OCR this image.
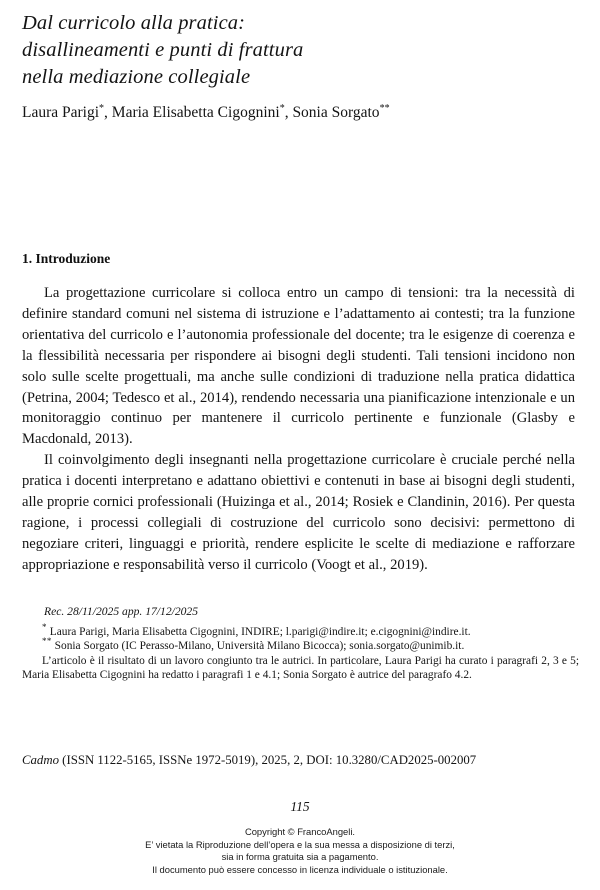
Dal curricolo alla pratica:
disallineamenti e punti di frattura
nella mediazione collegiale

Laura Parigi*, Maria Elisabetta Cigognini*, Sonia Sorgato**

1. Introduzione

La progettazione curricolare si colloca entro un campo di tensioni: tra la necessità di definire standard comuni nel sistema di istruzione e l’adattamento ai contesti; tra la funzione orientativa del curricolo e l’autonomia professionale del docente; tra le esigenze di coerenza e la flessibilità necessaria per rispondere ai bisogni degli studenti. Tali tensioni incidono non solo sulle scelte progettuali, ma anche sulle condizioni di traduzione nella pratica didattica (Petrina, 2004; Tedesco et al., 2014), rendendo necessaria una pianificazione intenzionale e un monitoraggio continuo per mantenere il curricolo pertinente e funzionale (Glasby e Macdonald, 2013).

Il coinvolgimento degli insegnanti nella progettazione curricolare è cruciale perché nella pratica i docenti interpretano e adattano obiettivi e contenuti in base ai bisogni degli studenti, alle proprie cornici professionali (Huizinga et al., 2014; Rosiek e Clandinin, 2016). Per questa ragione, i processi collegiali di costruzione del curricolo sono decisivi: permettono di negoziare criteri, linguaggi e priorità, rendere esplicite le scelte di mediazione e rafforzare appropriazione e responsabilità verso il curricolo (Voogt et al., 2019).

Rec. 28/11/2025 app. 17/12/2025

* Laura Parigi, Maria Elisabetta Cigognini, INDIRE; l.parigi@indire.it; e.cigognini@indire.it.

** Sonia Sorgato (IC Perasso-Milano, Università Milano Bicocca); sonia.sorgato@unimib.it.

L’articolo è il risultato di un lavoro congiunto tra le autrici. In particolare, Laura Parigi ha curato i paragrafi 2, 3 e 5; Maria Elisabetta Cigognini ha redatto i paragrafi 1 e 4.1; Sonia Sorgato è autrice del paragrafo 4.2.

Cadmo (ISSN 1122-5165, ISSNe 1972-5019), 2025, 2, DOI: 10.3280/CAD2025-002007

115

Copyright © FrancoAngeli.
E’ vietata la Riproduzione dell’opera e la sua messa a disposizione di terzi,
sia in forma gratuita sia a pagamento.
Il documento può essere concesso in licenza individuale o istituzionale.
